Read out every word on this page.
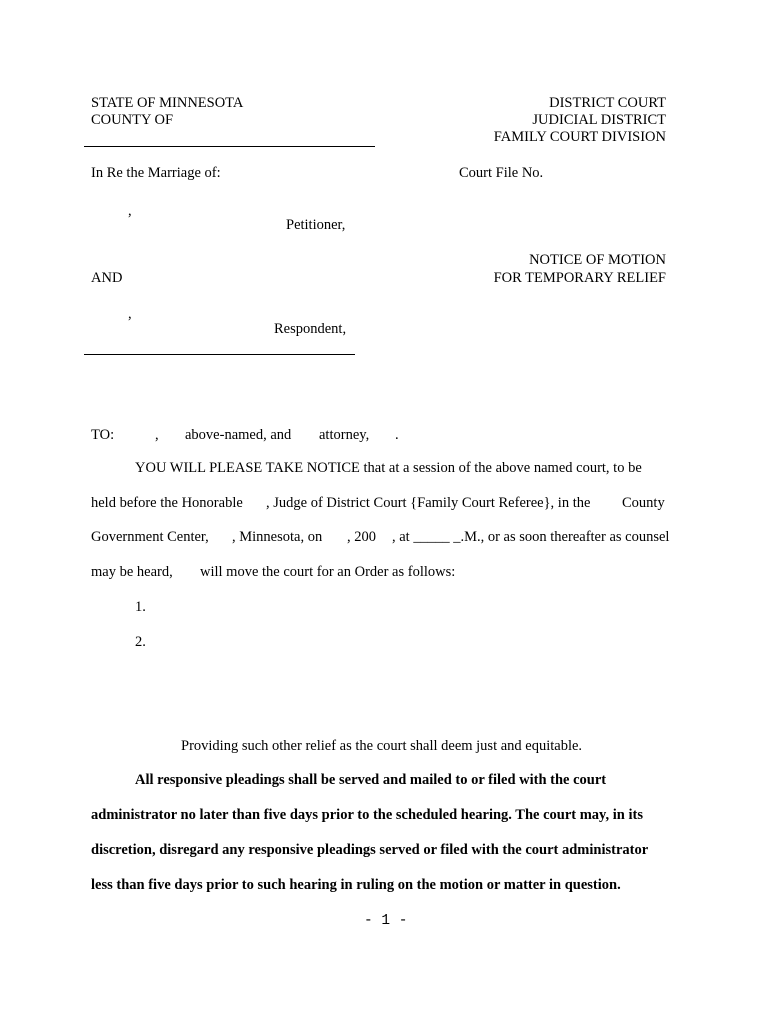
STATE OF MINNESOTA
COUNTY OF
DISTRICT COURT
JUDICIAL DISTRICT
FAMILY COURT DIVISION
In Re the Marriage of:	Court File No.
,
Petitioner,
NOTICE OF MOTION
AND	FOR TEMPORARY RELIEF
,
Respondent,
TO:	, above-named, and attorney, .
YOU WILL PLEASE TAKE NOTICE that at a session of the above named court, to be
held before the Honorable , Judge of District Court {Family Court Referee}, in the County
Government Center, , Minnesota, on , 200 , at _____ _.M., or as soon thereafter as counsel
may be heard, will move the court for an Order as follows:
1.
2.
Providing such other relief as the court shall deem just and equitable.
All responsive pleadings shall be served and mailed to or filed with the court
administrator no later than five days prior to the scheduled hearing. The court may, in its
discretion, disregard any responsive pleadings served or filed with the court administrator
less than five days prior to such hearing in ruling on the motion or matter in question.
- 1 -
